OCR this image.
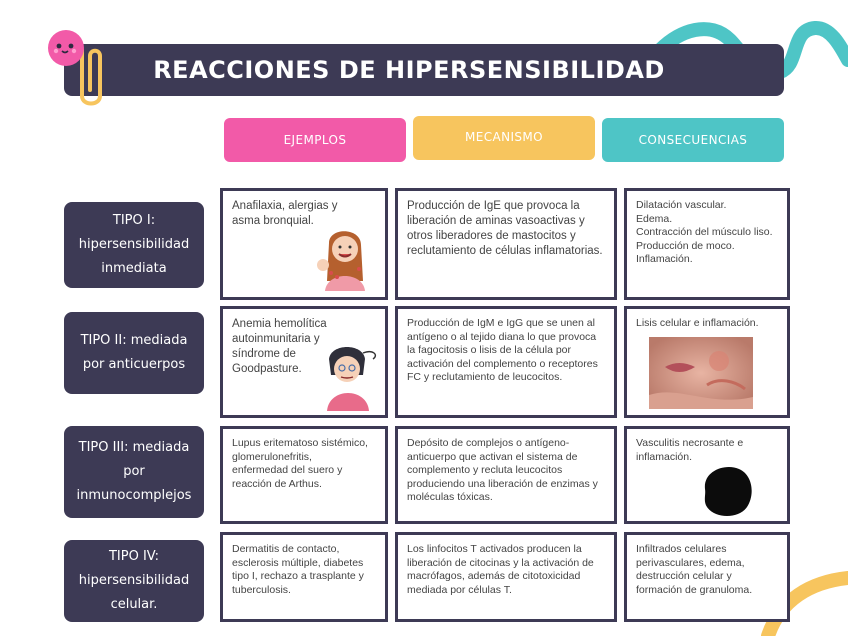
REACCIONES DE HIPERSENSIBILIDAD
EJEMPLOS	MECANISMO	CONSECUENCIAS
TIPO I: hipersensibilidad inmediata
TIPO II: mediada por anticuerpos
TIPO III: mediada por inmunocomplejos
TIPO IV: hipersensibilidad celular.
Anafilaxia, alergias y asma bronquial.
Producción de IgE que provoca la liberación de aminas vasoactivas y otros liberadores de mastocitos y reclutamiento de células inflamatorias.
Dilatación vascular.
Edema.
Contracción del músculo liso.
Producción de moco.
Inflamación.
Anemia hemolítica autoinmunitaria y síndrome de Goodpasture.
Producción de IgM e IgG que se unen al antígeno o al tejido diana lo que provoca la fagocitosis o lisis de la célula por activación del complemento o receptores FC y reclutamiento de leucocitos.
Lisis celular e inflamación.
Lupus eritematoso sistémico, glomerulonefritis, enfermedad del suero y reacción de Arthus.
Depósito de complejos o antígeno-anticuerpo que activan el sistema de complemento y recluta leucocitos produciendo una liberación de enzimas y moléculas tóxicas.
Vasculitis necrosante e inflamación.
Dermatitis de contacto, esclerosis múltiple, diabetes tipo I, rechazo a trasplante y tuberculosis.
Los linfocitos T activados producen la liberación de citocinas y la activación de macrófagos, además de citotoxicidad mediada por células T.
Infiltrados celulares perivasculares, edema, destrucción celular y formación de granuloma.
